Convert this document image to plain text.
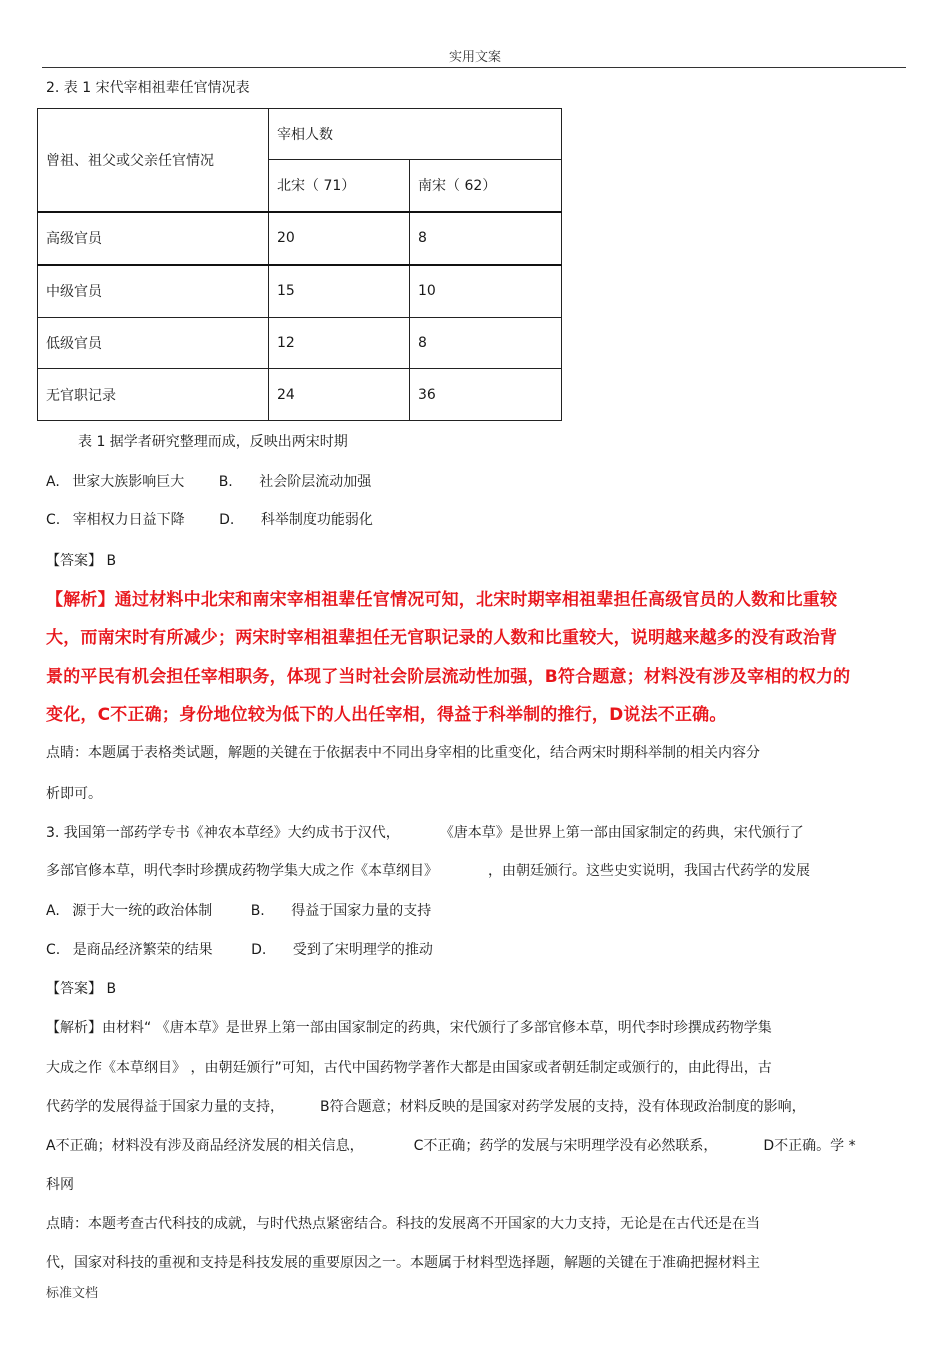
实用文案
2. 表 1 宋代宰相祖辈任官情况表
曾祖、祖父或父亲任官情况	宰相人数	
	北宋（ 71）	南宋（ 62）
高级官员	20	8
中级官员	15	10
低级官员	12	8
无官职记录	24	36
表 1 据学者研究整理而成，反映出两宋时期
A. 世家大族影响巨大 B. 社会阶层流动加强
C. 宰相权力日益下降 D. 科举制度功能弱化
【答案】 B
【解析】通过材料中北宋和南宋宰相祖辈任官情况可知，北宋时期宰相祖辈担任高级官员的人数和比重较
大，而南宋时有所减少；两宋时宰相祖辈担任无官职记录的人数和比重较大，说明越来越多的没有政治背
景的平民有机会担任宰相职务，体现了当时社会阶层流动性加强，B符合题意；材料没有涉及宰相的权力的
变化，C不正确；身份地位较为低下的人出任宰相，得益于科举制的推行，D说法不正确。
点睛：本题属于表格类试题，解题的关键在于依据表中不同出身宰相的比重变化，结合两宋时期科举制的相关内容分
析即可。
3. 我国第一部药学专书《神农本草经》大约成书于汉代，	《唐本草》是世界上第一部由国家制定的药典，宋代颁行了
多部官修本草，明代李时珍撰成药物学集大成之作《本草纲目》	，由朝廷颁行。这些史实说明，我国古代药学的发展
A. 源于大一统的政治体制	B. 得益于国家力量的支持
C. 是商品经济繁荣的结果	D. 受到了宋明理学的推动
【答案】 B
【解析】由材料“ 《唐本草》是世界上第一部由国家制定的药典，宋代颁行了多部官修本草，明代李时珍撰成药物学集
大成之作《本草纲目》 ，由朝廷颁行”可知，古代中国药物学著作大都是由国家或者朝廷制定或颁行的，由此得出，古
代药学的发展得益于国家力量的支持，	B符合题意；材料反映的是国家对药学发展的支持，没有体现政治制度的影响，
A不正确；材料没有涉及商品经济发展的相关信息，	C不正确；药学的发展与宋明理学没有必然联系，	D不正确。学 *
科网
点睛：本题考查古代科技的成就，与时代热点紧密结合。科技的发展离不开国家的大力支持，无论是在古代还是在当
代，国家对科技的重视和支持是科技发展的重要原因之一。本题属于材料型选择题，解题的关键在于准确把握材料主
标准文档
